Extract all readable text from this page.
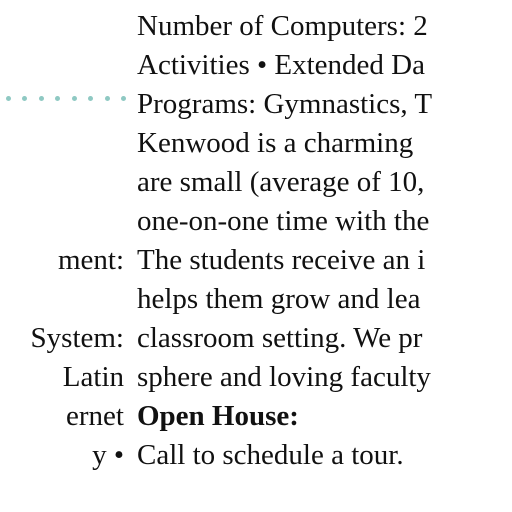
ment:
System:
Latin
ernet
y •

Number of Computers: 2
Activities • Extended Da
Programs: Gymnastics, T
Kenwood is a charming
are small (average of 10,
one-on-one time with the
The students receive an i
helps them grow and lea
classroom setting. We pr
sphere and loving faculty
Open House:
Call to schedule a tour.
